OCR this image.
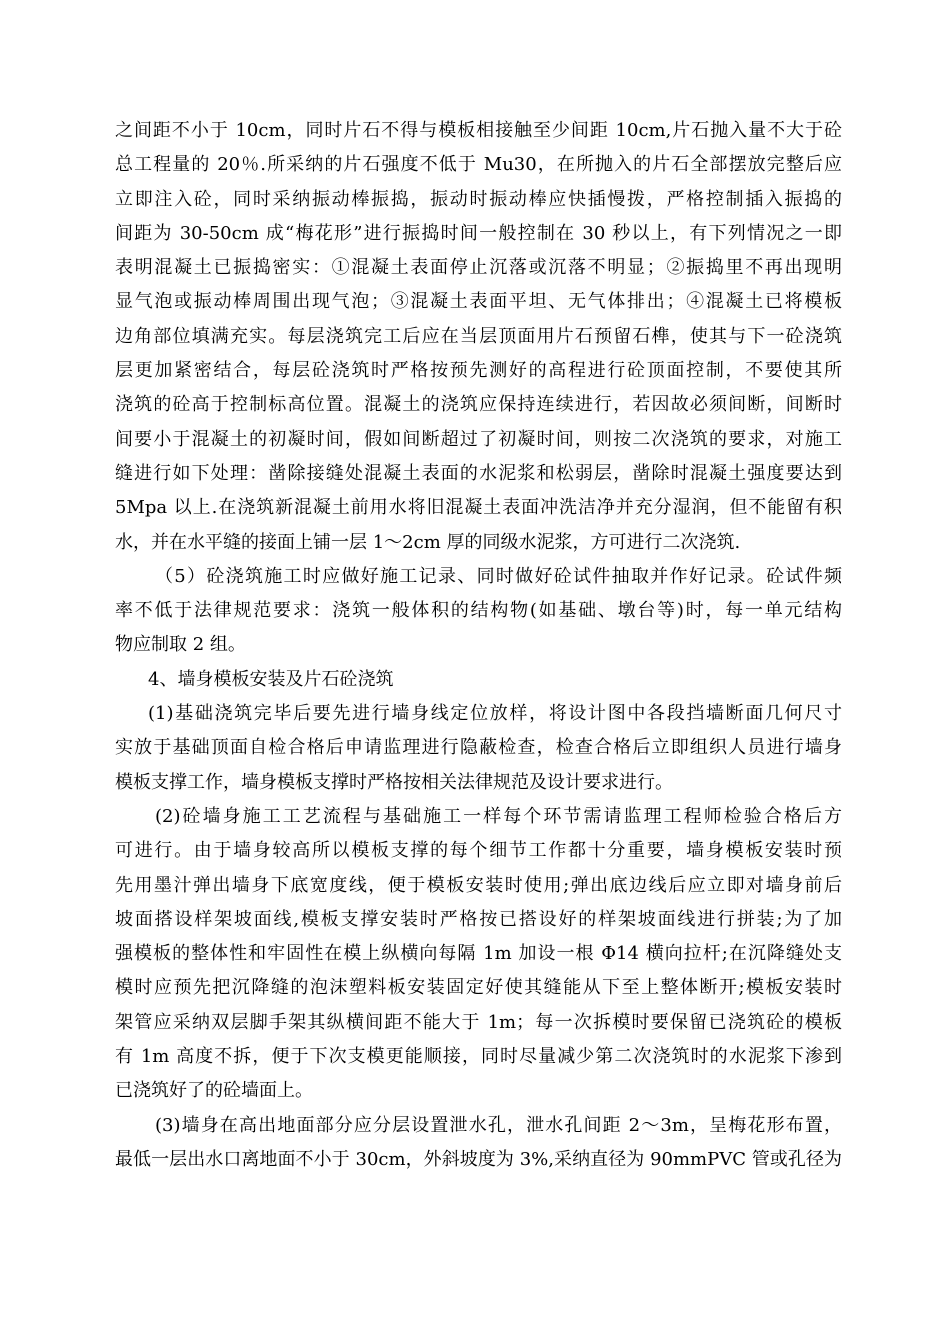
之间距不小于 10cm，同时片石不得与模板相接触至少间距 10cm,片石抛入量不大于砼
总工程量的 20％.所采纳的片石强度不低于 Mu30，在所抛入的片石全部摆放完整后应
立即注入砼，同时采纳振动棒振捣，振动时振动棒应快插慢拨，严格控制插入振捣的
间距为 30-50cm 成“梅花形”进行振捣时间一般控制在 30 秒以上，有下列情况之一即
表明混凝土已振捣密实：①混凝土表面停止沉落或沉落不明显；②振捣里不再出现明
显气泡或振动棒周围出现气泡；③混凝土表面平坦、无气体排出；④混凝土已将模板
边角部位填满充实。每层浇筑完工后应在当层顶面用片石预留石榫，使其与下一砼浇筑
层更加紧密结合，每层砼浇筑时严格按预先测好的高程进行砼顶面控制，不要使其所
浇筑的砼高于控制标高位置。混凝土的浇筑应保持连续进行，若因故必须间断，间断时
间要小于混凝土的初凝时间，假如间断超过了初凝时间，则按二次浇筑的要求，对施工
缝进行如下处理：凿除接缝处混凝土表面的水泥浆和松弱层，凿除时混凝土强度要达到
5Mpa 以上.在浇筑新混凝土前用水将旧混凝土表面冲洗洁净并充分湿润，但不能留有积
水，并在水平缝的接面上铺一层 1～2cm 厚的同级水泥浆，方可进行二次浇筑.
（5）砼浇筑施工时应做好施工记录、同时做好砼试件抽取并作好记录。砼试件频
率不低于法律规范要求：浇筑一般体积的结构物(如基础、墩台等)时，每一单元结构
物应制取 2 组。
4、墙身模板安装及片石砼浇筑
(1)基础浇筑完毕后要先进行墙身线定位放样，将设计图中各段挡墙断面几何尺寸
实放于基础顶面自检合格后申请监理进行隐蔽检查，检查合格后立即组织人员进行墙身
模板支撑工作，墙身模板支撑时严格按相关法律规范及设计要求进行。
(2)砼墙身施工工艺流程与基础施工一样每个环节需请监理工程师检验合格后方
可进行。由于墙身较高所以模板支撑的每个细节工作都十分重要，墙身模板安装时预
先用墨汁弹出墙身下底宽度线，便于模板安装时使用;弹出底边线后应立即对墙身前后
坡面搭设样架坡面线,模板支撑安装时严格按已搭设好的样架坡面线进行拼装;为了加
强模板的整体性和牢固性在模上纵横向每隔 1m 加设一根 Φ14 横向拉杆;在沉降缝处支
模时应预先把沉降缝的泡沫塑料板安装固定好使其缝能从下至上整体断开;模板安装时
架管应采纳双层脚手架其纵横间距不能大于 1m；每一次拆模时要保留已浇筑砼的模板
有 1m 高度不拆，便于下次支模更能顺接，同时尽量减少第二次浇筑时的水泥浆下渗到
已浇筑好了的砼墙面上。
(3)墙身在高出地面部分应分层设置泄水孔，泄水孔间距 2～3m，呈梅花形布置，
最低一层出水口离地面不小于 30cm，外斜坡度为 3%,采纳直径为 90mmPVC 管或孔径为
